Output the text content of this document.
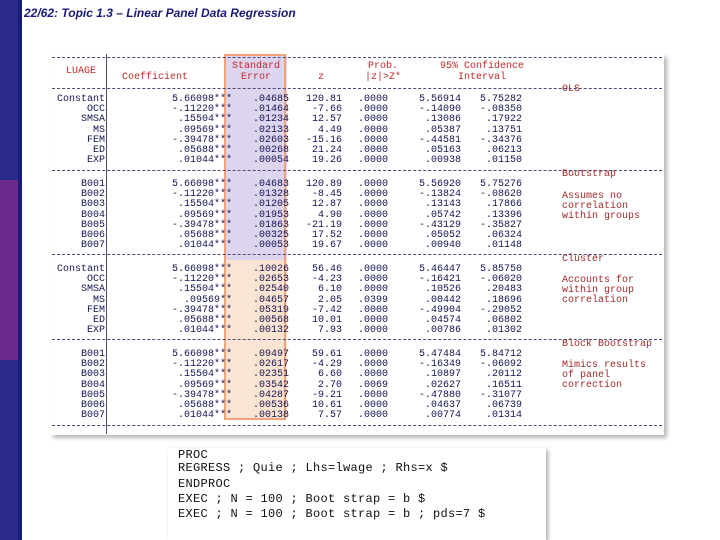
22/62: Topic 1.3 – Linear Panel Data Regression
LUAGE
Coefficient
Standard
Error	z
Prob.
|z|>Z*
95% Confidence
Interval
Constant	5.66098*** .04685 120.81 .0000	5.56914 5.75282
OCC	-.11220*** .01464 -7.66 .0000	-.14090 -.08350
SMSA	.15504*** .01234 12.57 .0000	.13086 .17922
MS	.09569*** .02133	4.49 .0000	.05387 .13751
FEM	-.39478*** .02603 -15.16 .0000	-.44581 -.34376
ED	.05688*** .00268 21.24 .0000	.05163 .06213
EXP	.01044*** .00054 19.26 .0000	.00938 .01150
B001	5.66098*** .04683 120.89 .0000	5.56920 5.75276
B002	-.11220*** .01328 -8.45 .0000	-.13824 -.08620
B003	.15504*** .01205 12.87 .0000	.13143 .17866
B004	.09569*** .01953	4.90 .0000	.05742 .13396
B005	-.39478*** .01863 -21.19 .0000	-.43129 -.35827
B006	.05688*** .00325 17.52 .0000	.05052 .06324
B007	.01044*** .00053 19.67 .0000	.00940 .01148
Constant	5.66098*** .10026 56.46 .0000	5.46447 5.85750
OCC	-.11220*** .02653 -4.23 .0000	-.16421 -.06020
SMSA	.15504*** .02540	6.10 .0000	.10526 .20483
MS	.09569** .04657	2.05 .0399	.00442 .18696
FEM	-.39478*** .05319 -7.42 .0000	-.49904 -.29052
ED	.05688*** .00568 10.01 .0000	.04574 .06802
EXP	.01044*** .00132	7.93 .0000	.00786 .01302
B001	5.66098*** .09497 59.61 .0000	5.47484 5.84712
B002	-.11220*** .02617 -4.29 .0000	-.16349 -.06092
B003	.15504*** .02351	6.60 .0000	.10897 .20112
B004	.09569*** .03542	2.70 .0069	.02627 .16511
B005	-.39478*** .04287 -9.21 .0000	-.47880 -.31077
B006	.05688*** .00536 10.61 .0000	.04637 .06739
B007	.01044*** .00138	7.57 .0000	.00774 .01314
OLS
Bootstrap
Assumes no
correlation
within groups
Cluster
Accounts for
within group
correlation
Block Bootstrap
Mimics results
of panel
correction
PROC
REGRESS ; Quie ; Lhs=lwage ; Rhs=x $
ENDPROC
EXEC ; N = 100 ; Boot strap = b $
EXEC ; N = 100 ; Boot strap = b ; pds=7 $
